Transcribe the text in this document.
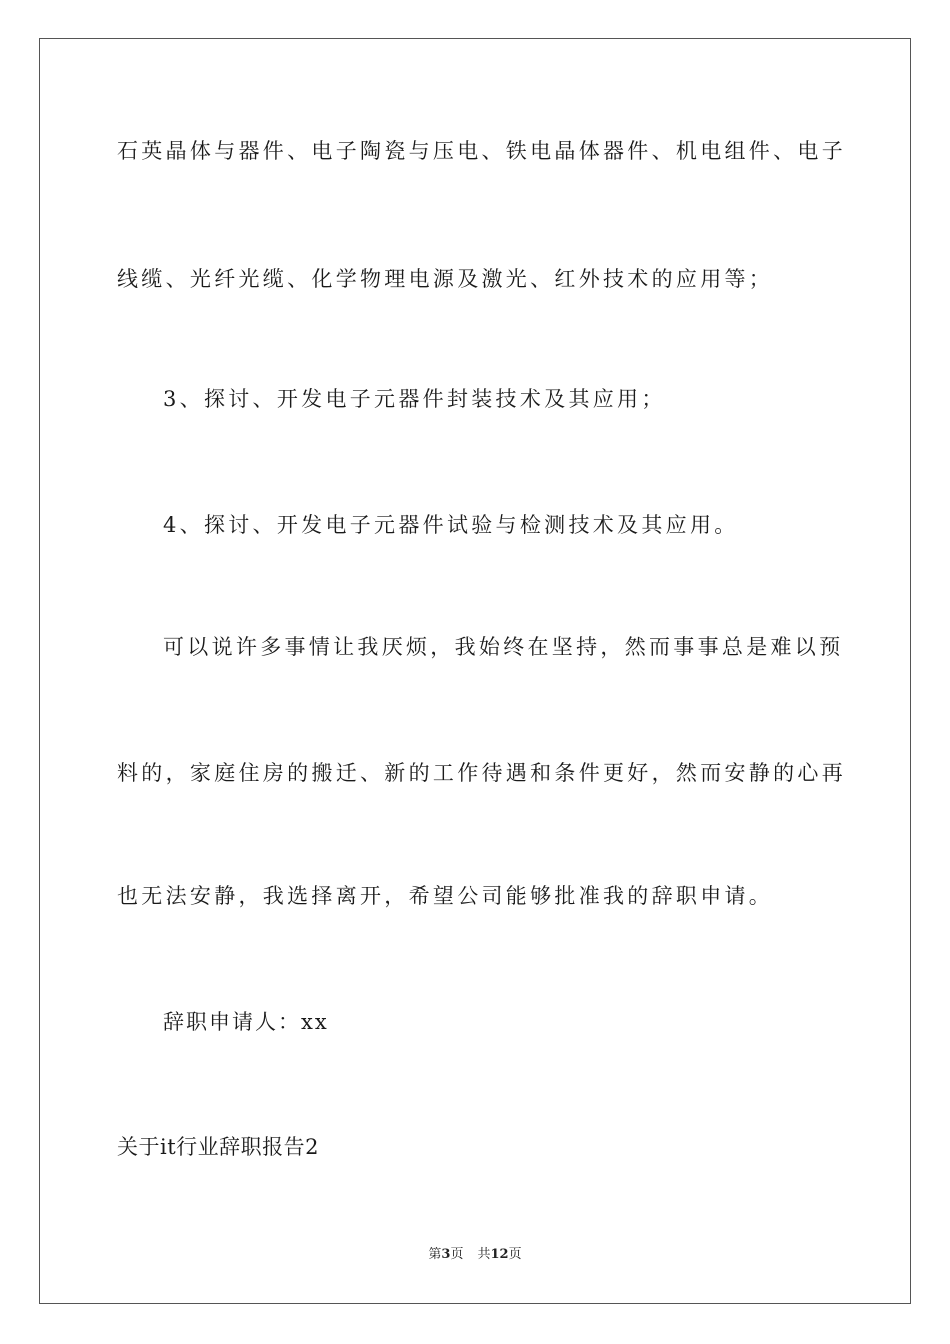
石英晶体与器件、电子陶瓷与压电、铁电晶体器件、机电组件、电子
线缆、光纤光缆、化学物理电源及激光、红外技术的应用等；
3、探讨、开发电子元器件封装技术及其应用；
4、探讨、开发电子元器件试验与检测技术及其应用。
可以说许多事情让我厌烦，我始终在坚持，然而事事总是难以预
料的，家庭住房的搬迁、新的工作待遇和条件更好，然而安静的心再
也无法安静，我选择离开，希望公司能够批准我的辞职申请。
辞职申请人：xx
关于it行业辞职报告2
第3页 共12页
